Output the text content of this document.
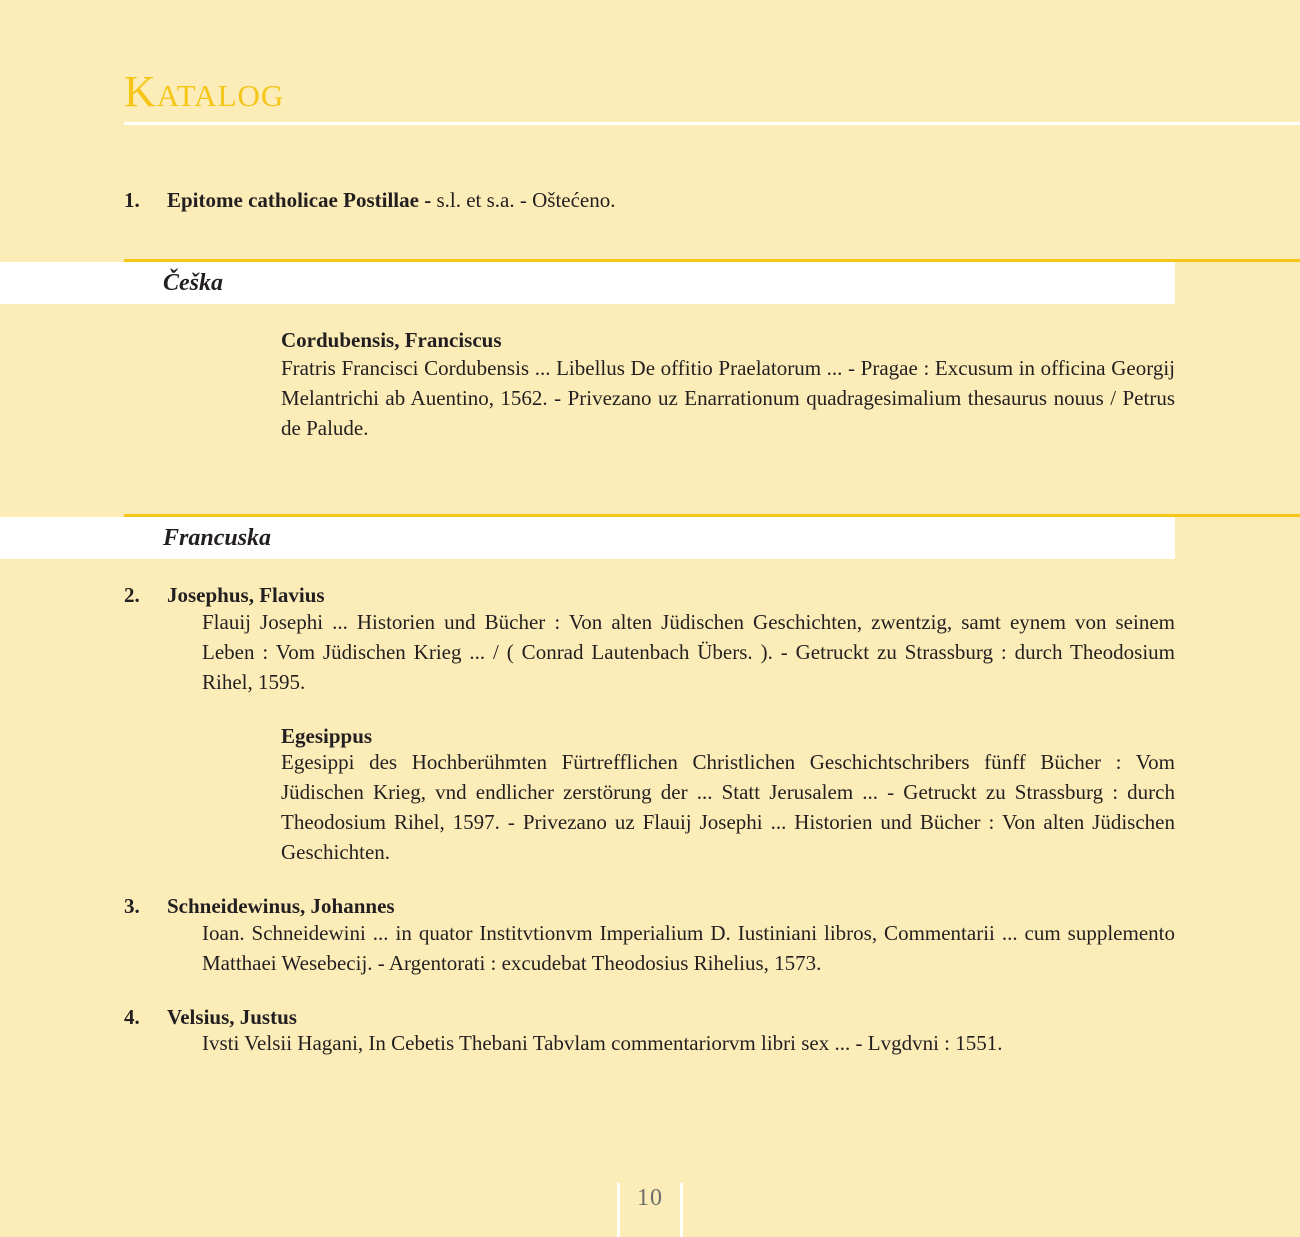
Katalog
1. Epitome catholicae Postillae - s.l. et s.a. - Oštećeno.
Češka
Cordubensis, Franciscus
Fratris Francisci Cordubensis ... Libellus De offitio Praelatorum ... - Pragae : Excusum in officina Georgij Melantrichi ab Auentino, 1562. - Privezano uz Enarrationum quadragesimalium thesaurus nouus / Petrus de Palude.
Francuska
2. Josephus, Flavius
Flauij Josephi ... Historien und Bücher : Von alten Jüdischen Geschichten, zwentzig, samt eynem von seinem Leben : Vom Jüdischen Krieg ... / ( Conrad Lautenbach Übers. ). - Getruckt zu Strassburg : durch Theodosium Rihel, 1595.
Egesippus
Egesippi des Hochberühmten Fürtrefflichen Christlichen Geschichtschribers fünff Bücher : Vom Jüdischen Krieg, vnd endlicher zerstörung der ... Statt Jerusalem ... - Getruckt zu Strassburg : durch Theodosium Rihel, 1597. - Privezano uz Flauij Josephi ... Historien und Bücher : Von alten Jüdischen Geschichten.
3. Schneidewinus, Johannes
Ioan. Schneidewini ... in quator Institvtionvm Imperialium D. Iustiniani libros, Commentarii ... cum supplemento Matthaei Wesebecij. - Argentorati : excudebat Theodosius Rihelius, 1573.
4. Velsius, Justus
Ivsti Velsii Hagani, In Cebetis Thebani Tabvlam commentariorvm libri sex ... - Lvgdvni : 1551.
10
